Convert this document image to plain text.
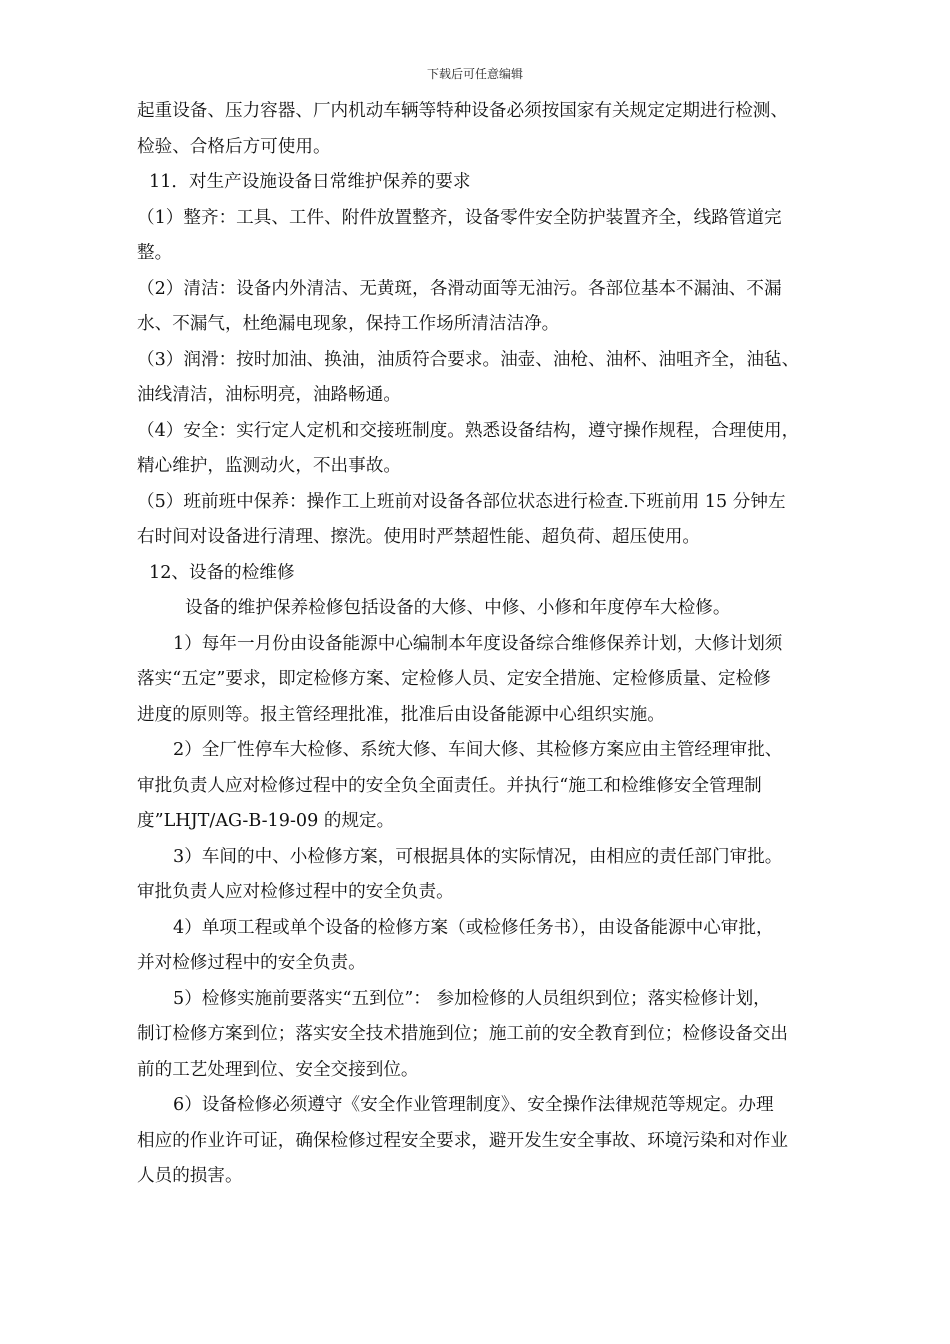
下载后可任意编辑
起重设备、压力容器、厂内机动车辆等特种设备必须按国家有关规定定期进行检测、
检验、合格后方可使用。
11．对生产设施设备日常维护保养的要求
（1）整齐：工具、工件、附件放置整齐，设备零件安全防护装置齐全，线路管道完
整。
（2）清洁：设备内外清洁、无黄斑，各滑动面等无油污。各部位基本不漏油、不漏
水、不漏气，杜绝漏电现象，保持工作场所清洁洁净。
（3）润滑：按时加油、换油，油质符合要求。油壶、油枪、油杯、油咀齐全，油毡、
油线清洁，油标明亮，油路畅通。
（4）安全：实行定人定机和交接班制度。熟悉设备结构，遵守操作规程，合理使用，
精心维护，监测动火，不出事故。
（5）班前班中保养：操作工上班前对设备各部位状态进行检查.下班前用 15 分钟左
右时间对设备进行清理、擦洗。使用时严禁超性能、超负荷、超压使用。
12、设备的检维修
设备的维护保养检修包括设备的大修、中修、小修和年度停车大检修。
1）每年一月份由设备能源中心编制本年度设备综合维修保养计划，大修计划须
落实“五定”要求，即定检修方案、定检修人员、定安全措施、定检修质量、定检修
进度的原则等。报主管经理批准，批准后由设备能源中心组织实施。
2）全厂性停车大检修、系统大修、车间大修、其检修方案应由主管经理审批、
审批负责人应对检修过程中的安全负全面责任。并执行“施工和检维修安全管理制
度”LHJT/AG-B-19-09 的规定。
3）车间的中、小检修方案，可根据具体的实际情况，由相应的责任部门审批。
审批负责人应对检修过程中的安全负责。
4）单项工程或单个设备的检修方案（或检修任务书），由设备能源中心审批，
并对检修过程中的安全负责。
5）检修实施前要落实“五到位”： 参加检修的人员组织到位；落实检修计划，
制订检修方案到位；落实安全技术措施到位；施工前的安全教育到位；检修设备交出
前的工艺处理到位、安全交接到位。
6）设备检修必须遵守《安全作业管理制度》、安全操作法律规范等规定。办理
相应的作业许可证，确保检修过程安全要求，避开发生安全事故、环境污染和对作业
人员的损害。
